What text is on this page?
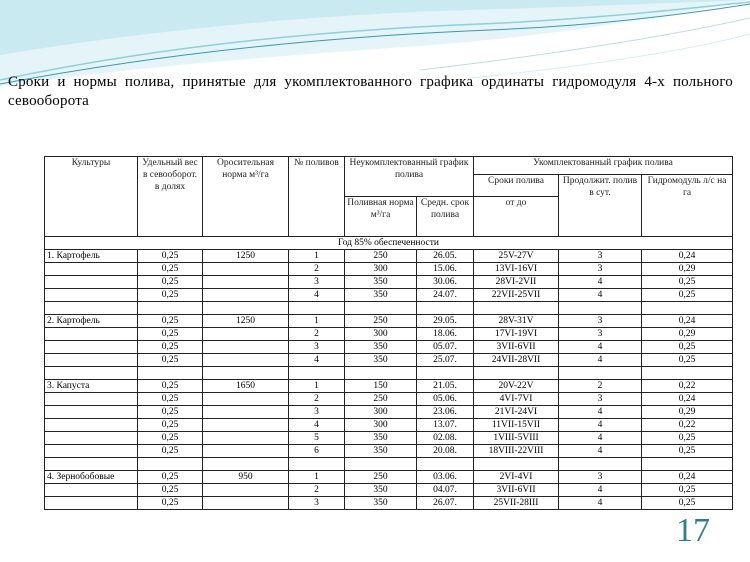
Сроки и нормы полива, принятые для укомплектованного графика ординаты гидромодуля 4-х польного севооборота
Культуры	Удельный вес в севооборот. в долях	Оросительная норма м³/га	№ поливов	Неукомплектованный график полива		Укомплектованный график полива		
						Сроки полива	Продолжит. полив в сут.	Гидромодуль л/с на га
				Поливная норма м³/га	Средн. срок полива	от до		
Год 85% обеспеченности								
1. Картофель	0,25	1250	1	250	26.05.	25V-27V	3	0,24
	0,25		2	300	15.06.	13VI-16VI	3	0,29
	0,25		3	350	30.06.	28VI-2VII	4	0,25
	0,25		4	350	24.07.	22VII-25VII	4	0,25

2. Картофель	0,25	1250	1	250	29.05.	28V-31V	3	0,24
	0,25		2	300	18.06.	17VI-19VI	3	0,29
	0,25		3	350	05.07.	3VII-6VII	4	0,25
	0,25		4	350	25.07.	24VII-28VII	4	0,25

3. Капуста	0,25	1650	1	150	21.05.	20V-22V	2	0,22
	0,25		2	250	05.06.	4VI-7VI	3	0,24
	0,25		3	300	23.06.	21VI-24VI	4	0,29
	0,25		4	300	13.07.	11VII-15VII	4	0,22
	0,25		5	350	02.08.	1VIII-5VIII	4	0,25
	0,25		6	350	20.08.	18VIII-22VIII	4	0,25

4. Зернобобовые	0,25	950	1	250	03.06.	2VI-4VI	3	0,24
	0,25		2	350	04.07.	3VII-6VII	4	0,25
	0,25		3	350	26.07.	25VII-28III	4	0,25
17
